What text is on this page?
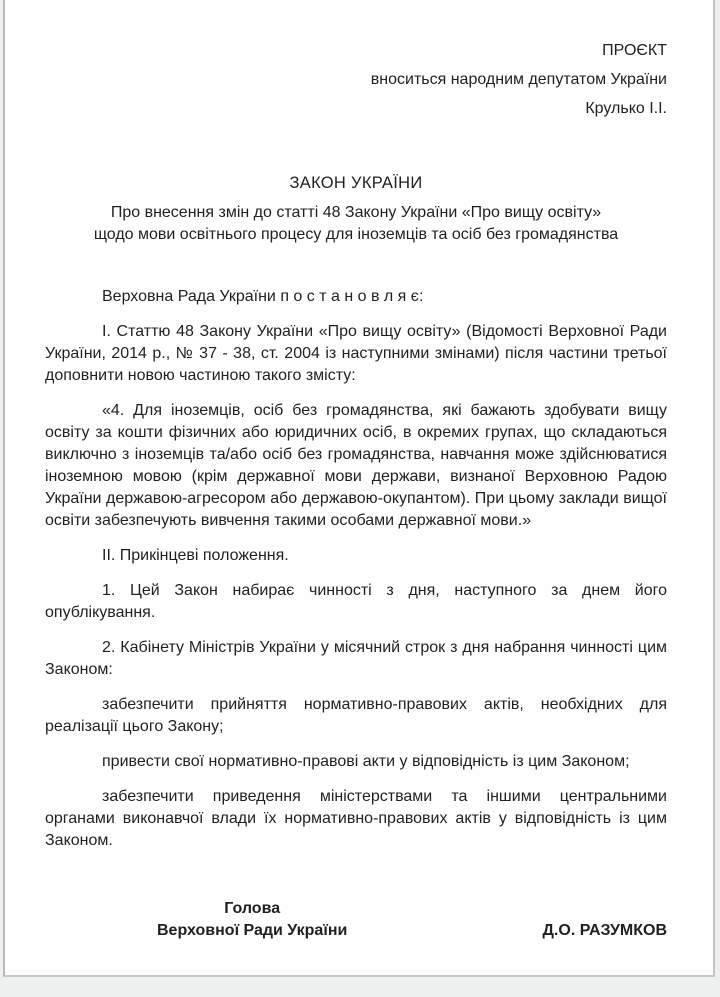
ПРОЄКТ
вноситься народним депутатом України
Крулько І.І.
ЗАКОН УКРАЇНИ
Про внесення змін до статті 48 Закону України «Про вищу освіту»
щодо мови освітнього процесу для іноземців та осіб без громадянства
Верховна Рада України п о с т а н о в л я є:

І. Статтю 48 Закону України «Про вищу освіту» (Відомості Верховної Ради України, 2014 р., № 37 - 38, ст. 2004 із наступними змінами) після частини третьої доповнити новою частиною такого змісту:

«4. Для іноземців, осіб без громадянства, які бажають здобувати вищу освіту за кошти фізичних або юридичних осіб, в окремих групах, що складаються виключно з іноземців та/або осіб без громадянства, навчання може здійснюватися іноземною мовою (крім державної мови держави, визнаної Верховною Радою України державою-агресором або державою-окупантом). При цьому заклади вищої освіти забезпечують вивчення такими особами державної мови.»

ІІ. Прикінцеві положення.

1. Цей Закон набирає чинності з дня, наступного за днем його опублікування.

2. Кабінету Міністрів України у місячний строк з дня набрання чинності цим Законом:

забезпечити прийняття нормативно-правових актів, необхідних для реалізації цього Закону;

привести свої нормативно-правові акти у відповідність із цим Законом;

забезпечити приведення міністерствами та іншими центральними органами виконавчої влади їх нормативно-правових актів у відповідність із цим Законом.

Голова
Верховної Ради України	Д.О. РАЗУМКОВ
